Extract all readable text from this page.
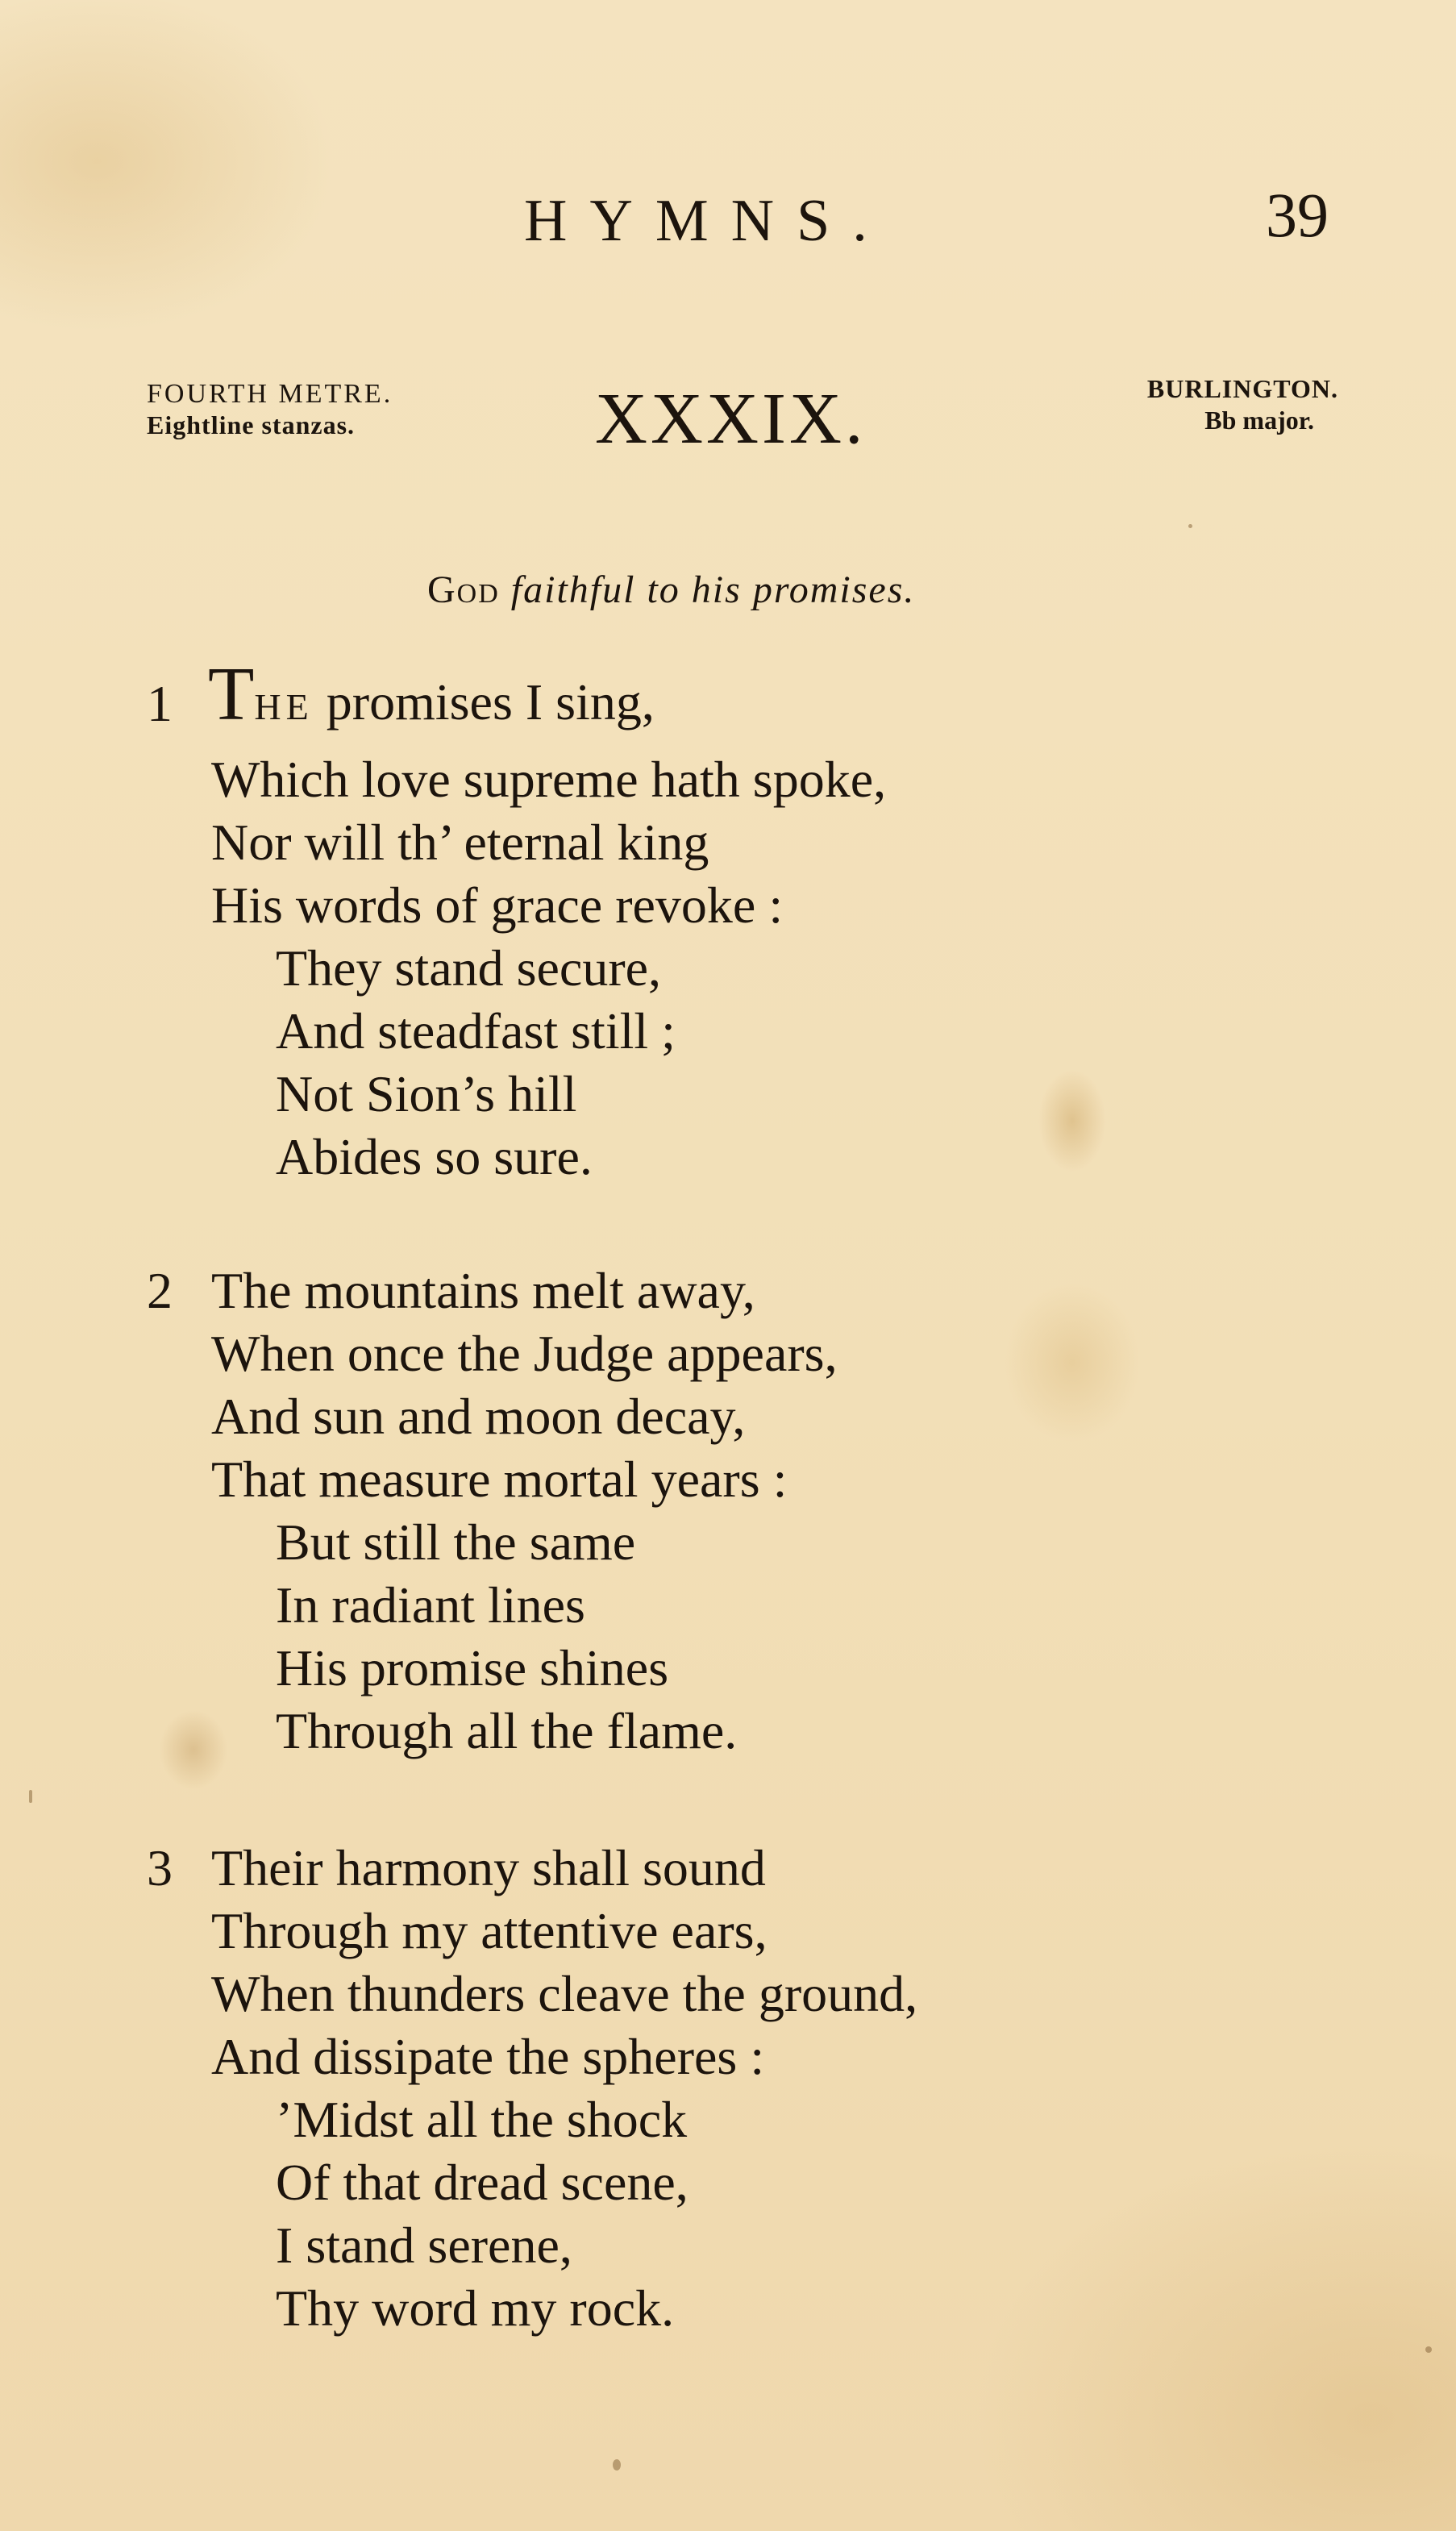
HYMNS.	39
FOURTH METRE.
Eightline stanzas.	XXXIX.	BURLINGTON.
Bb major.
God faithful to his promises.
1 THE promises I sing,
Which love supreme hath spoke,
Nor will th’ eternal king
His words of grace revoke :
They stand secure,
And steadfast still ;
Not Sion’s hill
Abides so sure.
2 The mountains melt away,
When once the Judge appears,
And sun and moon decay,
That measure mortal years :
But still the same
In radiant lines
His promise shines
Through all the flame.
3 Their harmony shall sound
Through my attentive ears,
When thunders cleave the ground,
And dissipate the spheres :
’Midst all the shock
Of that dread scene,
I stand serene,
Thy word my rock.
